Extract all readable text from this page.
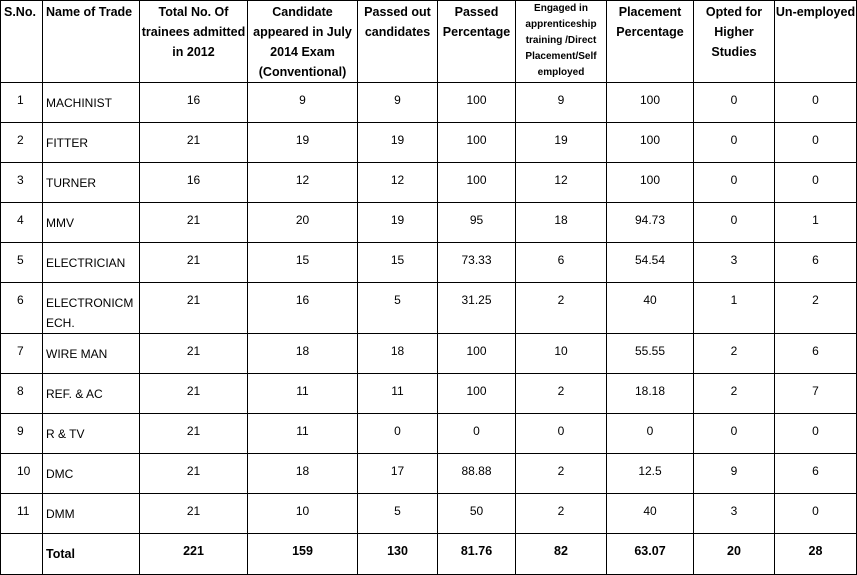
S.No.	Name of Trade	Total No. Of trainees admitted in 2012	Candidate appeared in July 2014 Exam (Conventional)	Passed out candidates	Passed Percentage	Engaged in apprenticeship training /Direct Placement/Self employed	Placement Percentage	Opted for Higher Studies	Un-employed
1	MACHINIST	16	9	9	100	9	100	0	0
2	FITTER	21	19	19	100	19	100	0	0
3	TURNER	16	12	12	100	12	100	0	0
4	MMV	21	20	19	95	18	94.73	0	1
5	ELECTRICIAN	21	15	15	73.33	6	54.54	3	6
6	ELECTRONICMECH.	21	16	5	31.25	2	40	1	2
7	WIRE MAN	21	18	18	100	10	55.55	2	6
8	REF. & AC	21	11	11	100	2	18.18	2	7
9	R & TV	21	11	0	0	0	0	0	0
10	DMC	21	18	17	88.88	2	12.5	9	6
11	DMM	21	10	5	50	2	40	3	0
	Total	221	159	130	81.76	82	63.07	20	28
